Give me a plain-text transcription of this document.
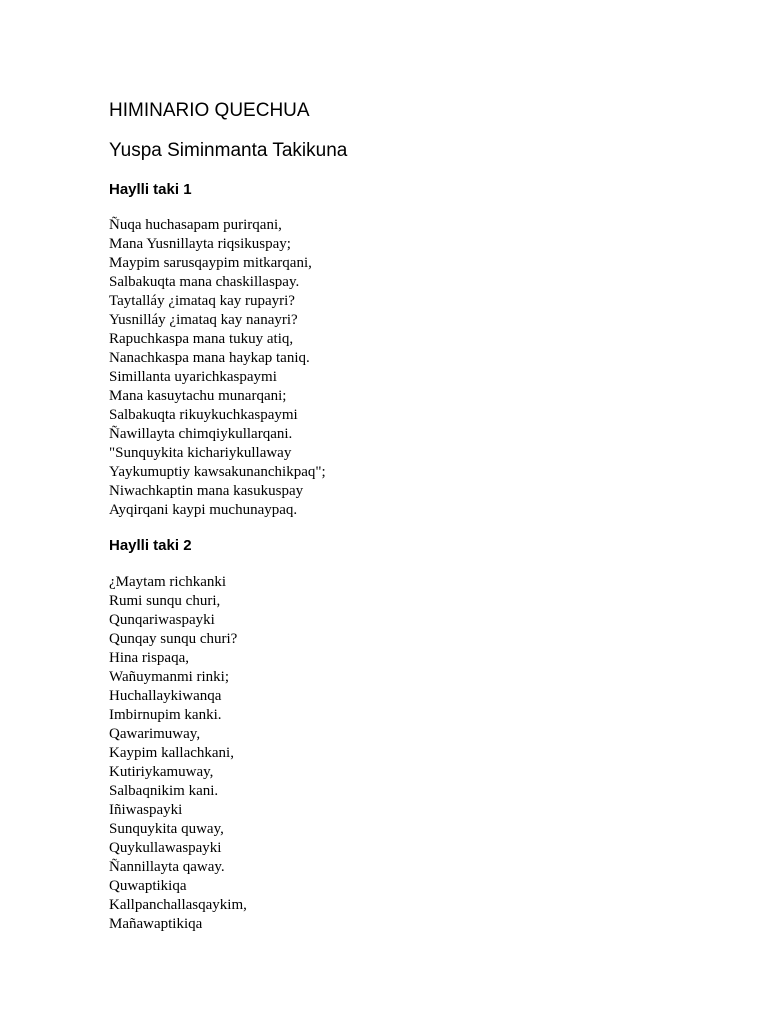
HIMINARIO QUECHUA
Yuspa Siminmanta Takikuna
Haylli taki 1
Ñuqa huchasapam purirqani,
Mana Yusnillayta riqsikuspay;
Maypim sarusqaypim mitkarqani,
Salbakuqta mana chaskillaspay.
Taytalláy ¿imataq kay rupayri?
Yusnilláy ¿imataq kay nanayri?
Rapuchkaspa mana tukuy atiq,
Nanachkaspa mana haykap taniq.
Simillanta uyarichkaspaymi
Mana kasuytachu munarqani;
Salbakuqta rikuykuchkaspaymi
Ñawillayta chimqiykullarqani.
"Sunquykita kichariykullaway
Yaykumuptiy kawsakunanchikpaq";
Niwachkaptin mana kasukuspay
Ayqirqani kaypi muchunaypaq.
Haylli taki 2
¿Maytam richkanki
Rumi sunqu churi,
Qunqariwaspayki
Qunqay sunqu churi?
Hina rispaqa,
Wañuymanmi rinki;
Huchallaykiwanqa
Imbirnupim kanki.
Qawarimuway,
Kaypim kallachkani,
Kutiriykamuway,
Salbaqnikim kani.
Iñiwaspayki
Sunquykita quway,
Quykullawaspayki
Ñannillayta qaway.
Quwaptikiqa
Kallpanchallasqaykim,
Mañawaptikiqa
